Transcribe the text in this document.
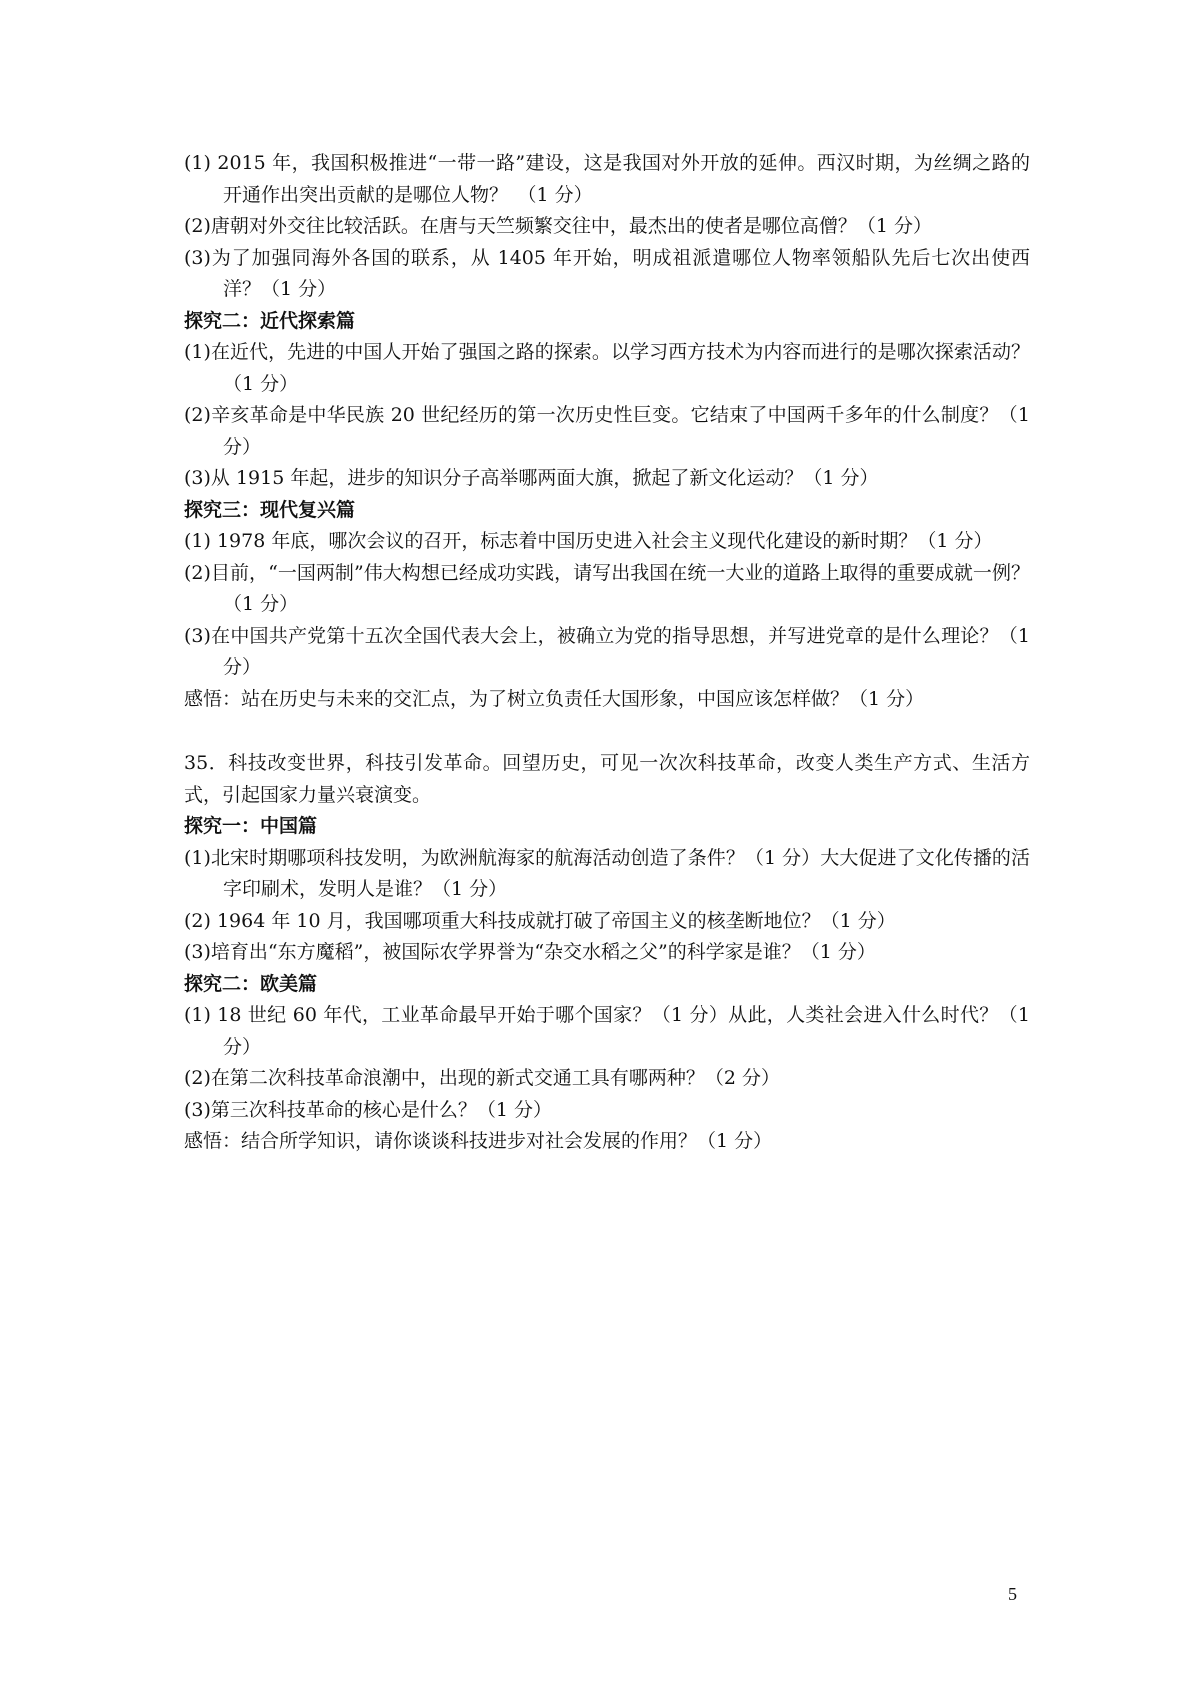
(1) 2015 年，我国积极推进“一带一路”建设，这是我国对外开放的延伸。西汉时期，为丝绸之路的开通作出突出贡献的是哪位人物？　（1 分）
(2)唐朝对外交往比较活跃。在唐与天竺频繁交往中，最杰出的使者是哪位高僧？（1 分）
(3)为了加强同海外各国的联系，从 1405 年开始，明成祖派遣哪位人物率领船队先后七次出使西洋？（1 分）
探究二：近代探索篇
(1)在近代，先进的中国人开始了强国之路的探索。以学习西方技术为内容而进行的是哪次探索活动？（1 分）
(2)辛亥革命是中华民族 20 世纪经历的第一次历史性巨变。它结束了中国两千多年的什么制度？（1 分）
(3)从 1915 年起，进步的知识分子高举哪两面大旗，掀起了新文化运动？（1 分）
探究三：现代复兴篇
(1) 1978 年底，哪次会议的召开，标志着中国历史进入社会主义现代化建设的新时期？（1 分）
(2)目前，“一国两制”伟大构想已经成功实践，请写出我国在统一大业的道路上取得的重要成就一例？（1 分）
(3)在中国共产党第十五次全国代表大会上，被确立为党的指导思想，并写进党章的是什么理论？（1 分）
感悟：站在历史与未来的交汇点，为了树立负责任大国形象，中国应该怎样做？（1 分）
35．科技改变世界，科技引发革命。回望历史，可见一次次科技革命，改变人类生产方式、生活方式，引起国家力量兴衰演变。
探究一：中国篇
(1)北宋时期哪项科技发明，为欧洲航海家的航海活动创造了条件？（1 分）大大促进了文化传播的活字印刷术，发明人是谁？（1 分）
(2) 1964 年 10 月，我国哪项重大科技成就打破了帝国主义的核垄断地位？（1 分）
(3)培育出“东方魔稻”，被国际农学界誉为“杂交水稻之父”的科学家是谁？（1 分）
探究二：欧美篇
(1) 18 世纪 60 年代，工业革命最早开始于哪个国家？（1 分）从此，人类社会进入什么时代？（1 分）
(2)在第二次科技革命浪潮中，出现的新式交通工具有哪两种？（2 分）
(3)第三次科技革命的核心是什么？（1 分）
感悟：结合所学知识，请你谈谈科技进步对社会发展的作用？（1 分）
5
